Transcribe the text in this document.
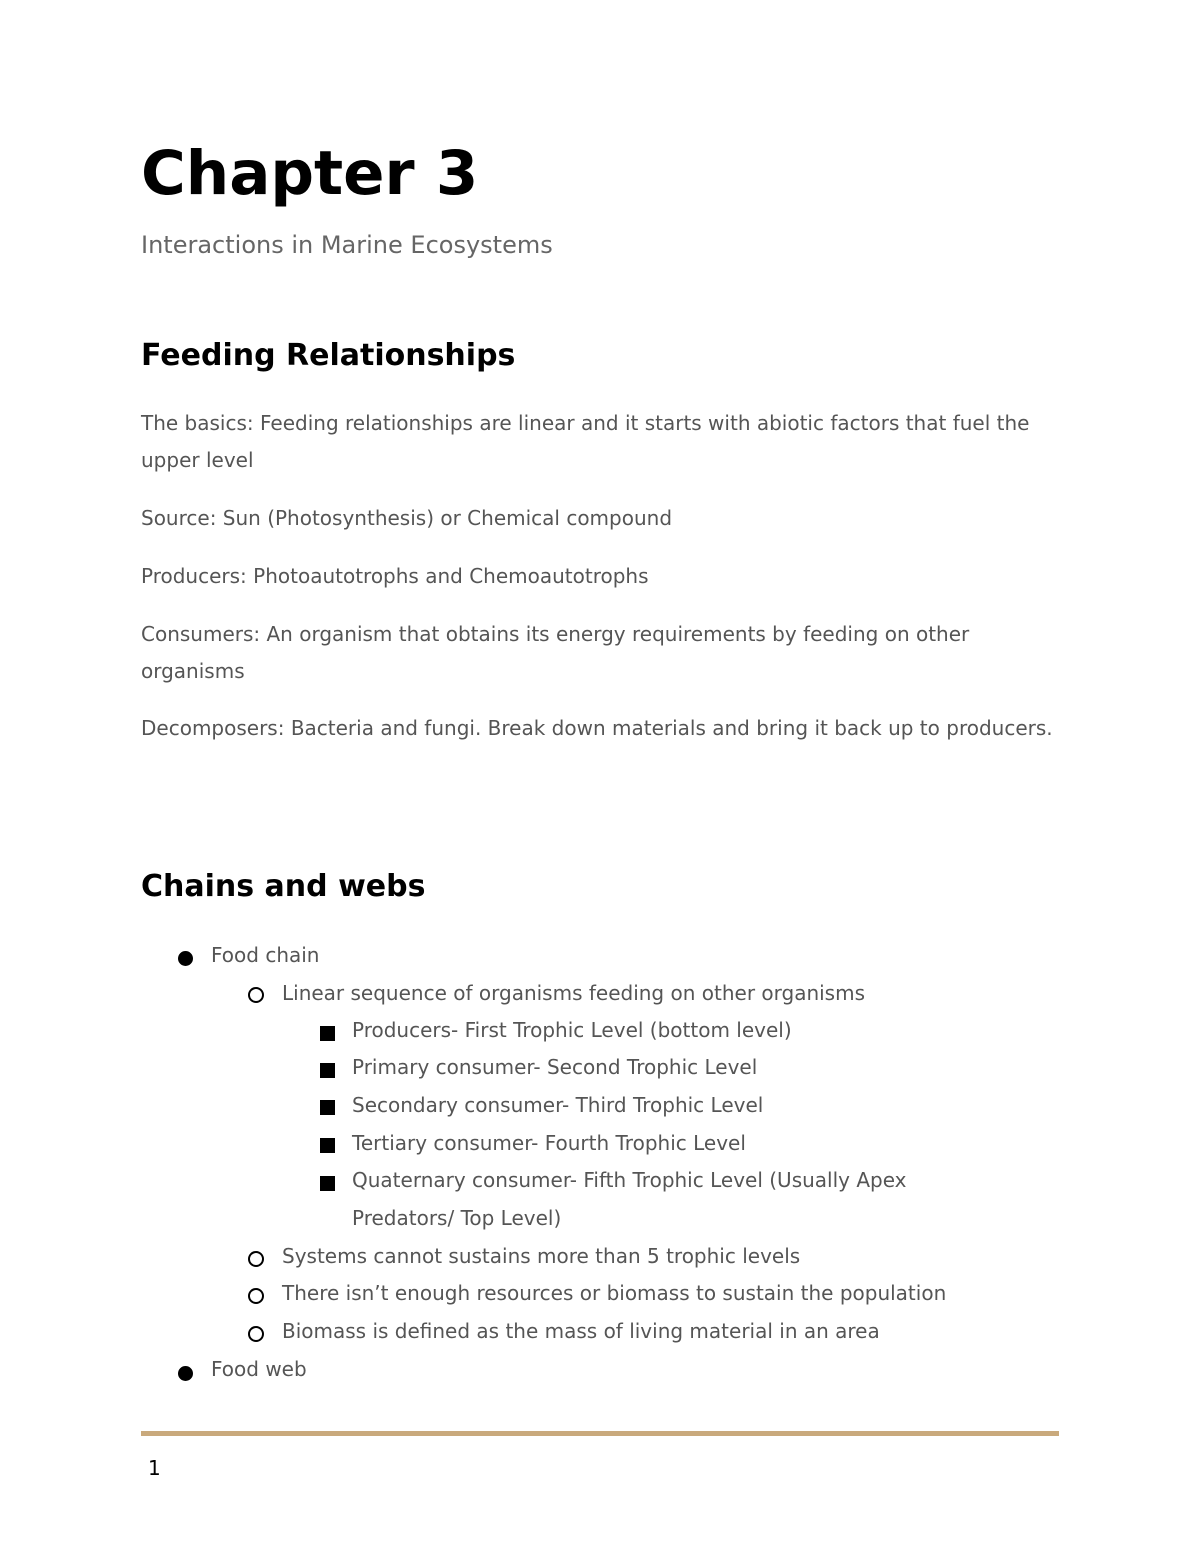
Chapter 3

Interactions in Marine Ecosystems

Feeding Relationships

The basics: Feeding relationships are linear and it starts with abiotic factors that fuel the upper level

Source: Sun (Photosynthesis) or Chemical compound

Producers: Photoautotrophs and Chemoautotrophs

Consumers: An organism that obtains its energy requirements by feeding on other organisms

Decomposers: Bacteria and fungi. Break down materials and bring it back up to producers.

Chains and webs

Food chain

Linear sequence of organisms feeding on other organisms

Producers- First Trophic Level (bottom level)

Primary consumer- Second Trophic Level

Secondary consumer- Third Trophic Level

Tertiary consumer- Fourth Trophic Level

Quaternary consumer- Fifth Trophic Level (Usually Apex

Predators/ Top Level)

Systems cannot sustains more than 5 trophic levels

There isn’t enough resources or biomass to sustain the population

Biomass is defined as the mass of living material in an area

Food web

1
